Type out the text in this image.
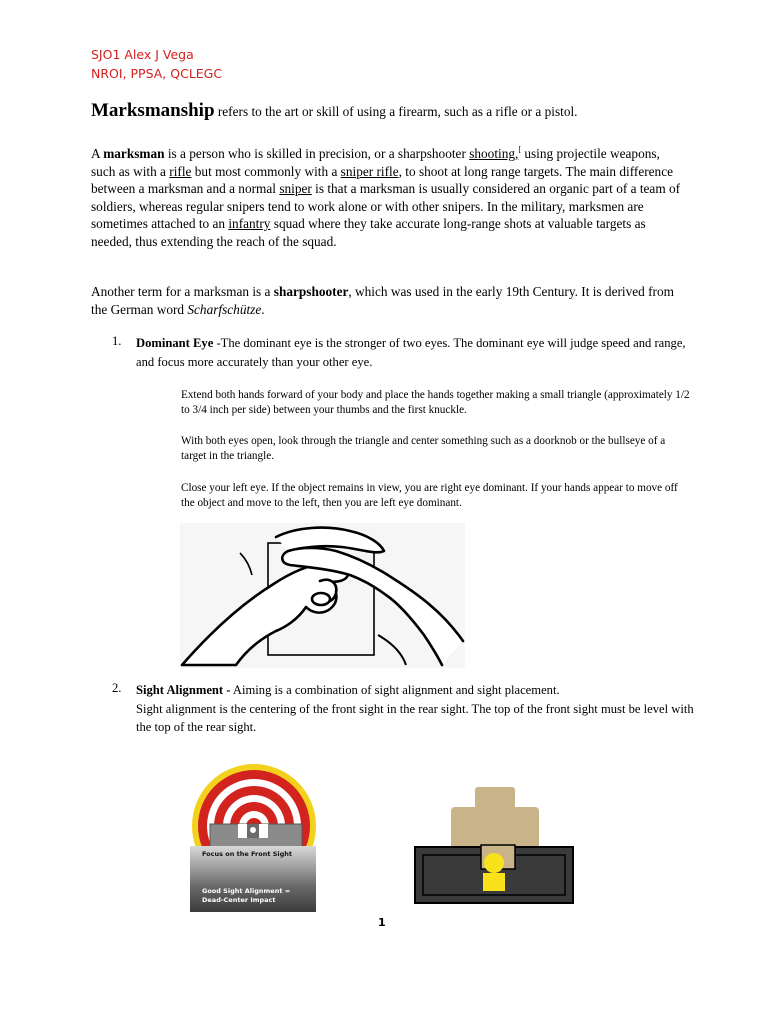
SJO1 Alex J Vega
NROI, PPSA, QCLEGC
Marksmanship refers to the art or skill of using a firearm, such as a rifle or a pistol.
A marksman is a person who is skilled in precision, or a sharpshooter shooting,[ using projectile weapons, such as with a rifle but most commonly with a sniper rifle, to shoot at long range targets. The main difference between a marksman and a normal sniper is that a marksman is usually considered an organic part of a team of soldiers, whereas regular snipers tend to work alone or with other snipers. In the military, marksmen are sometimes attached to an infantry squad where they take accurate long-range shots at valuable targets as needed, thus extending the reach of the squad.
Another term for a marksman is a sharpshooter, which was used in the early 19th Century. It is derived from the German word Scharfschütze.
1. Dominant Eye -The dominant eye is the stronger of two eyes. The dominant eye will judge speed and range, and focus more accurately than your other eye.
Extend both hands forward of your body and place the hands together making a small triangle (approximately 1/2 to 3/4 inch per side) between your thumbs and the first knuckle.
With both eyes open, look through the triangle and center something such as a doorknob or the bullseye of a target in the triangle.
Close your left eye. If the object remains in view, you are right eye dominant. If your hands appear to move off the object and move to the left, then you are left eye dominant.
2. Sight Alignment - Aiming is a combination of sight alignment and sight placement.
Sight alignment is the centering of the front sight in the rear sight. The top of the front sight must be level with the top of the rear sight.
Focus on the Front Sight
Good Sight Alignment =
Dead-Center Impact
1
